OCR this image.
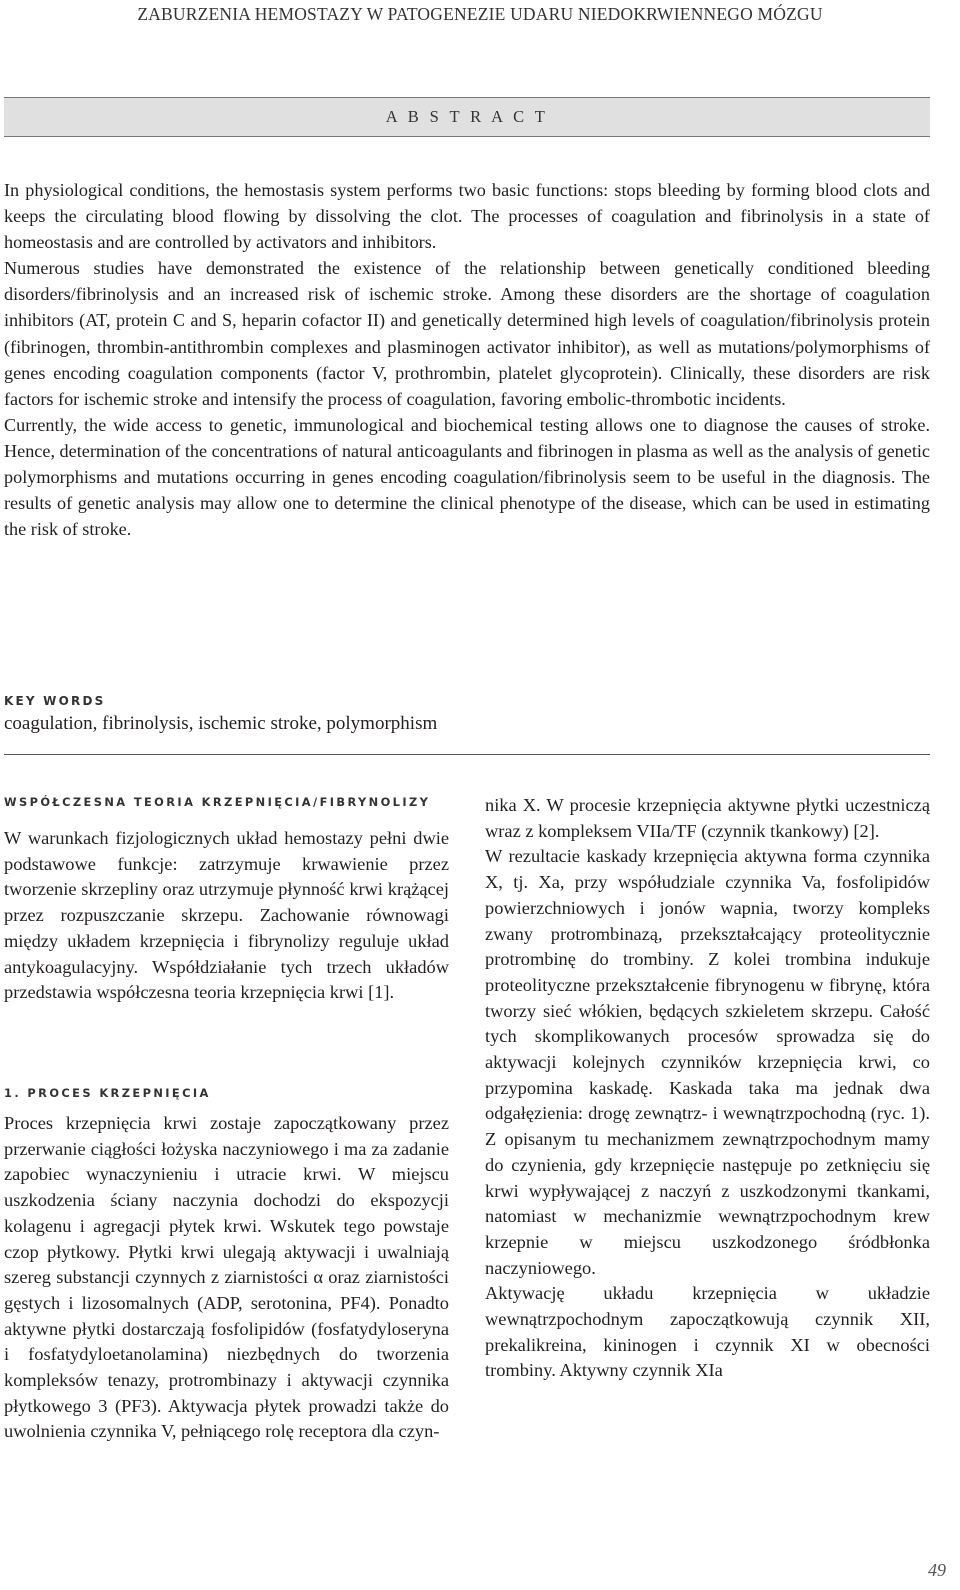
ZABURZENIA HEMOSTAZY W PATOGENEZIE UDARU NIEDOKRWIENNEGO MÓZGU
A B S T R A C T

In physiological conditions, the hemostasis system performs two basic functions: stops bleeding by forming blood clots and keeps the circulating blood flowing by dissolving the clot. The processes of coagulation and fibrinolysis in a state of homeostasis and are controlled by activators and inhibitors.

Numerous studies have demonstrated the existence of the relationship between genetically conditioned bleeding disorders/fibrinolysis and an increased risk of ischemic stroke. Among these disorders are the shortage of coagulation inhibitors (AT, protein C and S, heparin cofactor II) and genetically determined high levels of coagulation/fibrinolysis protein (fibrinogen, thrombin-antithrombin complexes and plasminogen activator inhibitor), as well as mutations/polymorphisms of genes encoding coagulation components (factor V, prothrombin, platelet glycoprotein). Clinically, these disorders are risk factors for ischemic stroke and intensify the process of coagulation, favoring embolic-thrombotic incidents.

Currently, the wide access to genetic, immunological and biochemical testing allows one to diagnose the causes of stroke. Hence, determination of the concentrations of natural anticoagulants and fibrinogen in plasma as well as the analysis of genetic polymorphisms and mutations occurring in genes encoding coagulation/fibrinolysis seem to be useful in the diagnosis. The results of genetic analysis may allow one to determine the clinical phenotype of the disease, which can be used in estimating the risk of stroke.

KEY WORDS
coagulation, fibrinolysis, ischemic stroke, polymorphism
WSPÓŁCZESNA TEORIA KRZEPNIĘCIA/FIBRYNOLIZY

W warunkach fizjologicznych układ hemostazy pełni dwie podstawowe funkcje: zatrzymuje krwawienie przez tworzenie skrzepliny oraz utrzymuje płynność krwi krążącej przez rozpuszczanie skrzepu. Zachowanie równowagi między układem krzepnięcia i fibrynolizy reguluje układ antykoagulacyjny. Współdziałanie tych trzech układów przedstawia współczesna teoria krzepnięcia krwi [1].

1. PROCES KRZEPNIĘCIA

Proces krzepnięcia krwi zostaje zapoczątkowany przez przerwanie ciągłości łożyska naczyniowego i ma za zadanie zapobiec wynaczynieniu i utracie krwi. W miejscu uszkodzenia ściany naczynia dochodzi do ekspozycji kolagenu i agregacji płytek krwi. Wskutek tego powstaje czop płytkowy. Płytki krwi ulegają aktywacji i uwalniają szereg substancji czynnych z ziarnistości α oraz ziarnistości gęstych i lizosomalnych (ADP, serotonina, PF4). Ponadto aktywne płytki dostarczają fosfolipidów (fosfatydyloseryna i fosfatydyloetanolamina) niezbędnych do tworzenia kompleksów tenazy, protrombinazy i aktywacji czynnika płytkowego 3 (PF3). Aktywacja płytek prowadzi także do uwolnienia czynnika V, pełniącego rolę receptora dla czyn-

nika X. W procesie krzepnięcia aktywne płytki uczestniczą wraz z kompleksem VIIa/TF (czynnik tkankowy) [2].

W rezultacie kaskady krzepnięcia aktywna forma czynnika X, tj. Xa, przy współudziale czynnika Va, fosfolipidów powierzchniowych i jonów wapnia, tworzy kompleks zwany protrombinazą, przekształcający proteolitycznie protrombinę do trombiny. Z kolei trombina indukuje proteolityczne przekształcenie fibrynogenu w fibrynę, która tworzy sieć włókien, będących szkieletem skrzepu. Całość tych skomplikowanych procesów sprowadza się do aktywacji kolejnych czynników krzepnięcia krwi, co przypomina kaskadę. Kaskada taka ma jednak dwa odgałęzienia: drogę zewnątrz- i wewnątrzpochodną (ryc. 1). Z opisanym tu mechanizmem zewnątrzpochodnym mamy do czynienia, gdy krzepnięcie następuje po zetknięciu się krwi wypływającej z naczyń z uszkodzonymi tkankami, natomiast w mechanizmie wewnątrzpochodnym krew krzepnie w miejscu uszkodzonego śródbłonka naczyniowego.

Aktywację układu krzepnięcia w układzie wewnątrzpochodnym zapoczątkowują czynnik XII, prekalikreina, kininogen i czynnik XI w obecności trombiny. Aktywny czynnik XIa

49
